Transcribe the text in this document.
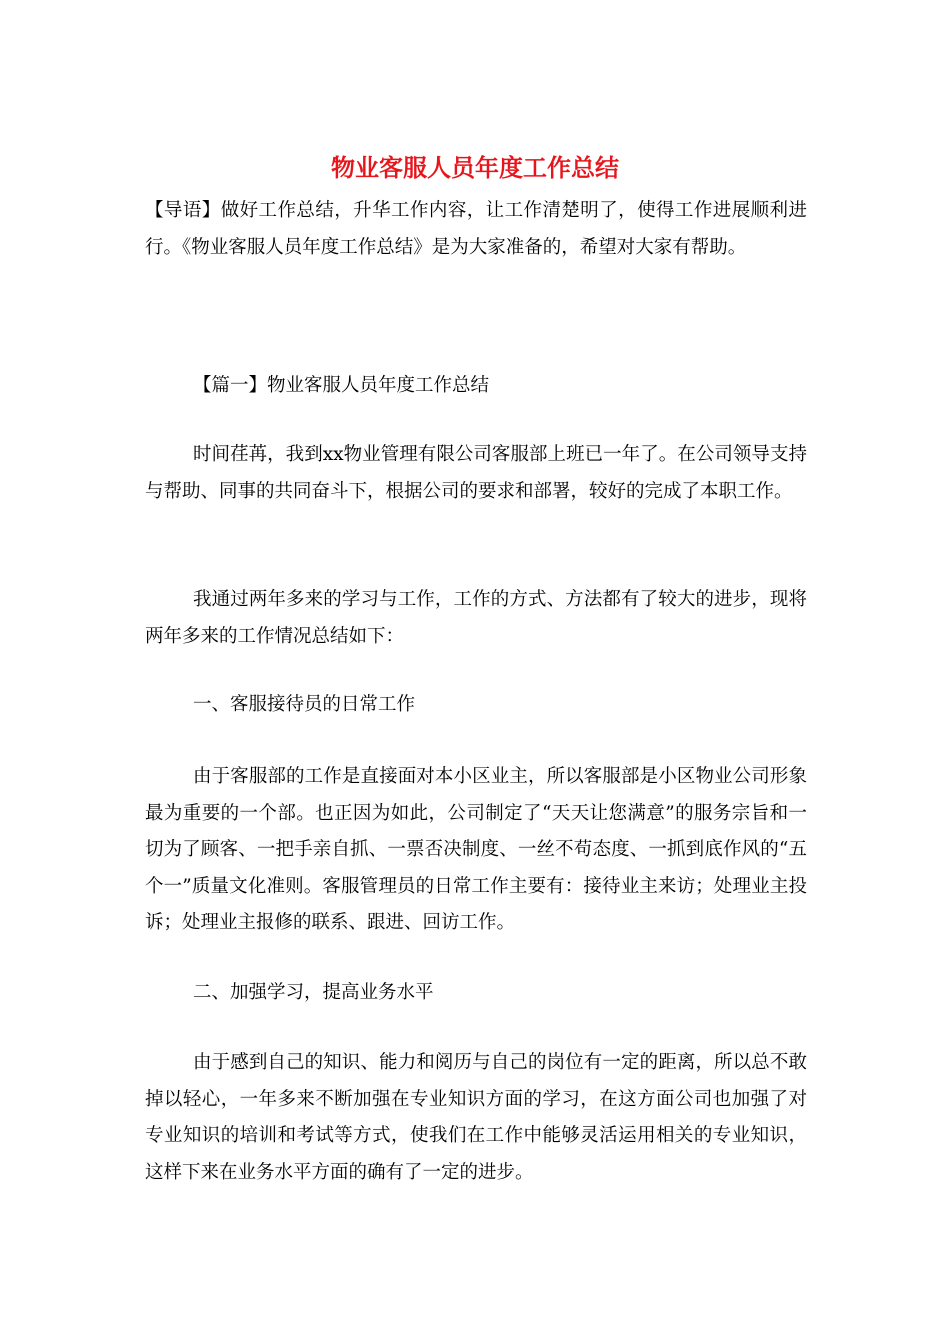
物业客服人员年度工作总结

【导语】做好工作总结，升华工作内容，让工作清楚明了，使得工作进展顺利进行。《物业客服人员年度工作总结》是为大家准备的，希望对大家有帮助。

【篇一】物业客服人员年度工作总结

时间荏苒，我到xx物业管理有限公司客服部上班已一年了。在公司领导支持与帮助、同事的共同奋斗下，根据公司的要求和部署，较好的完成了本职工作。

我通过两年多来的学习与工作，工作的方式、方法都有了较大的进步，现将两年多来的工作情况总结如下：

一、客服接待员的日常工作

由于客服部的工作是直接面对本小区业主，所以客服部是小区物业公司形象最为重要的一个部。也正因为如此，公司制定了“天天让您满意”的服务宗旨和一切为了顾客、一把手亲自抓、一票否决制度、一丝不苟态度、一抓到底作风的“五个一”质量文化准则。客服管理员的日常工作主要有：接待业主来访；处理业主投诉；处理业主报修的联系、跟进、回访工作。

二、加强学习，提高业务水平

由于感到自己的知识、能力和阅历与自己的岗位有一定的距离，所以总不敢掉以轻心，一年多来不断加强在专业知识方面的学习，在这方面公司也加强了对专业知识的培训和考试等方式，使我们在工作中能够灵活运用相关的专业知识，这样下来在业务水平方面的确有了一定的进步。
